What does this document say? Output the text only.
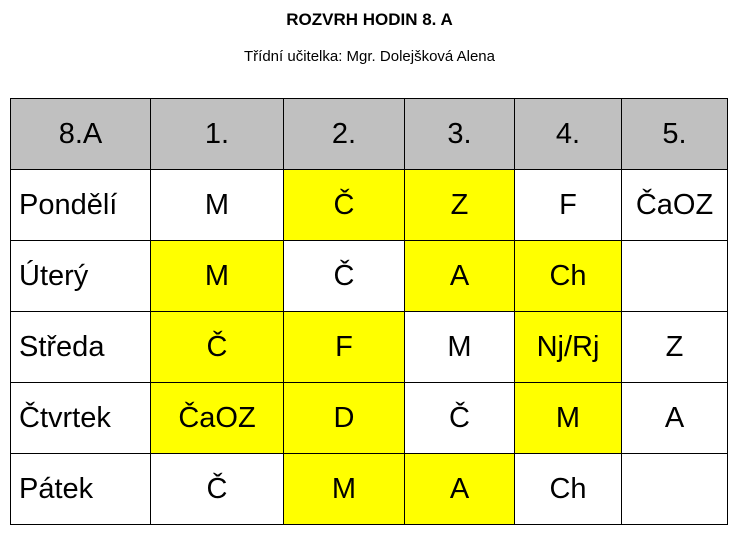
ROZVRH HODIN 8. A
Třídní učitelka: Mgr. Dolejšková Alena
8.A	1.	2.	3.	4.	5.
Pondělí	M	Č	Z	F	ČaOZ
Úterý	M	Č	A	Ch	
Středa	Č	F	M	Nj/Rj	Z
Čtvrtek	ČaOZ	D	Č	M	A
Pátek	Č	M	A	Ch	
